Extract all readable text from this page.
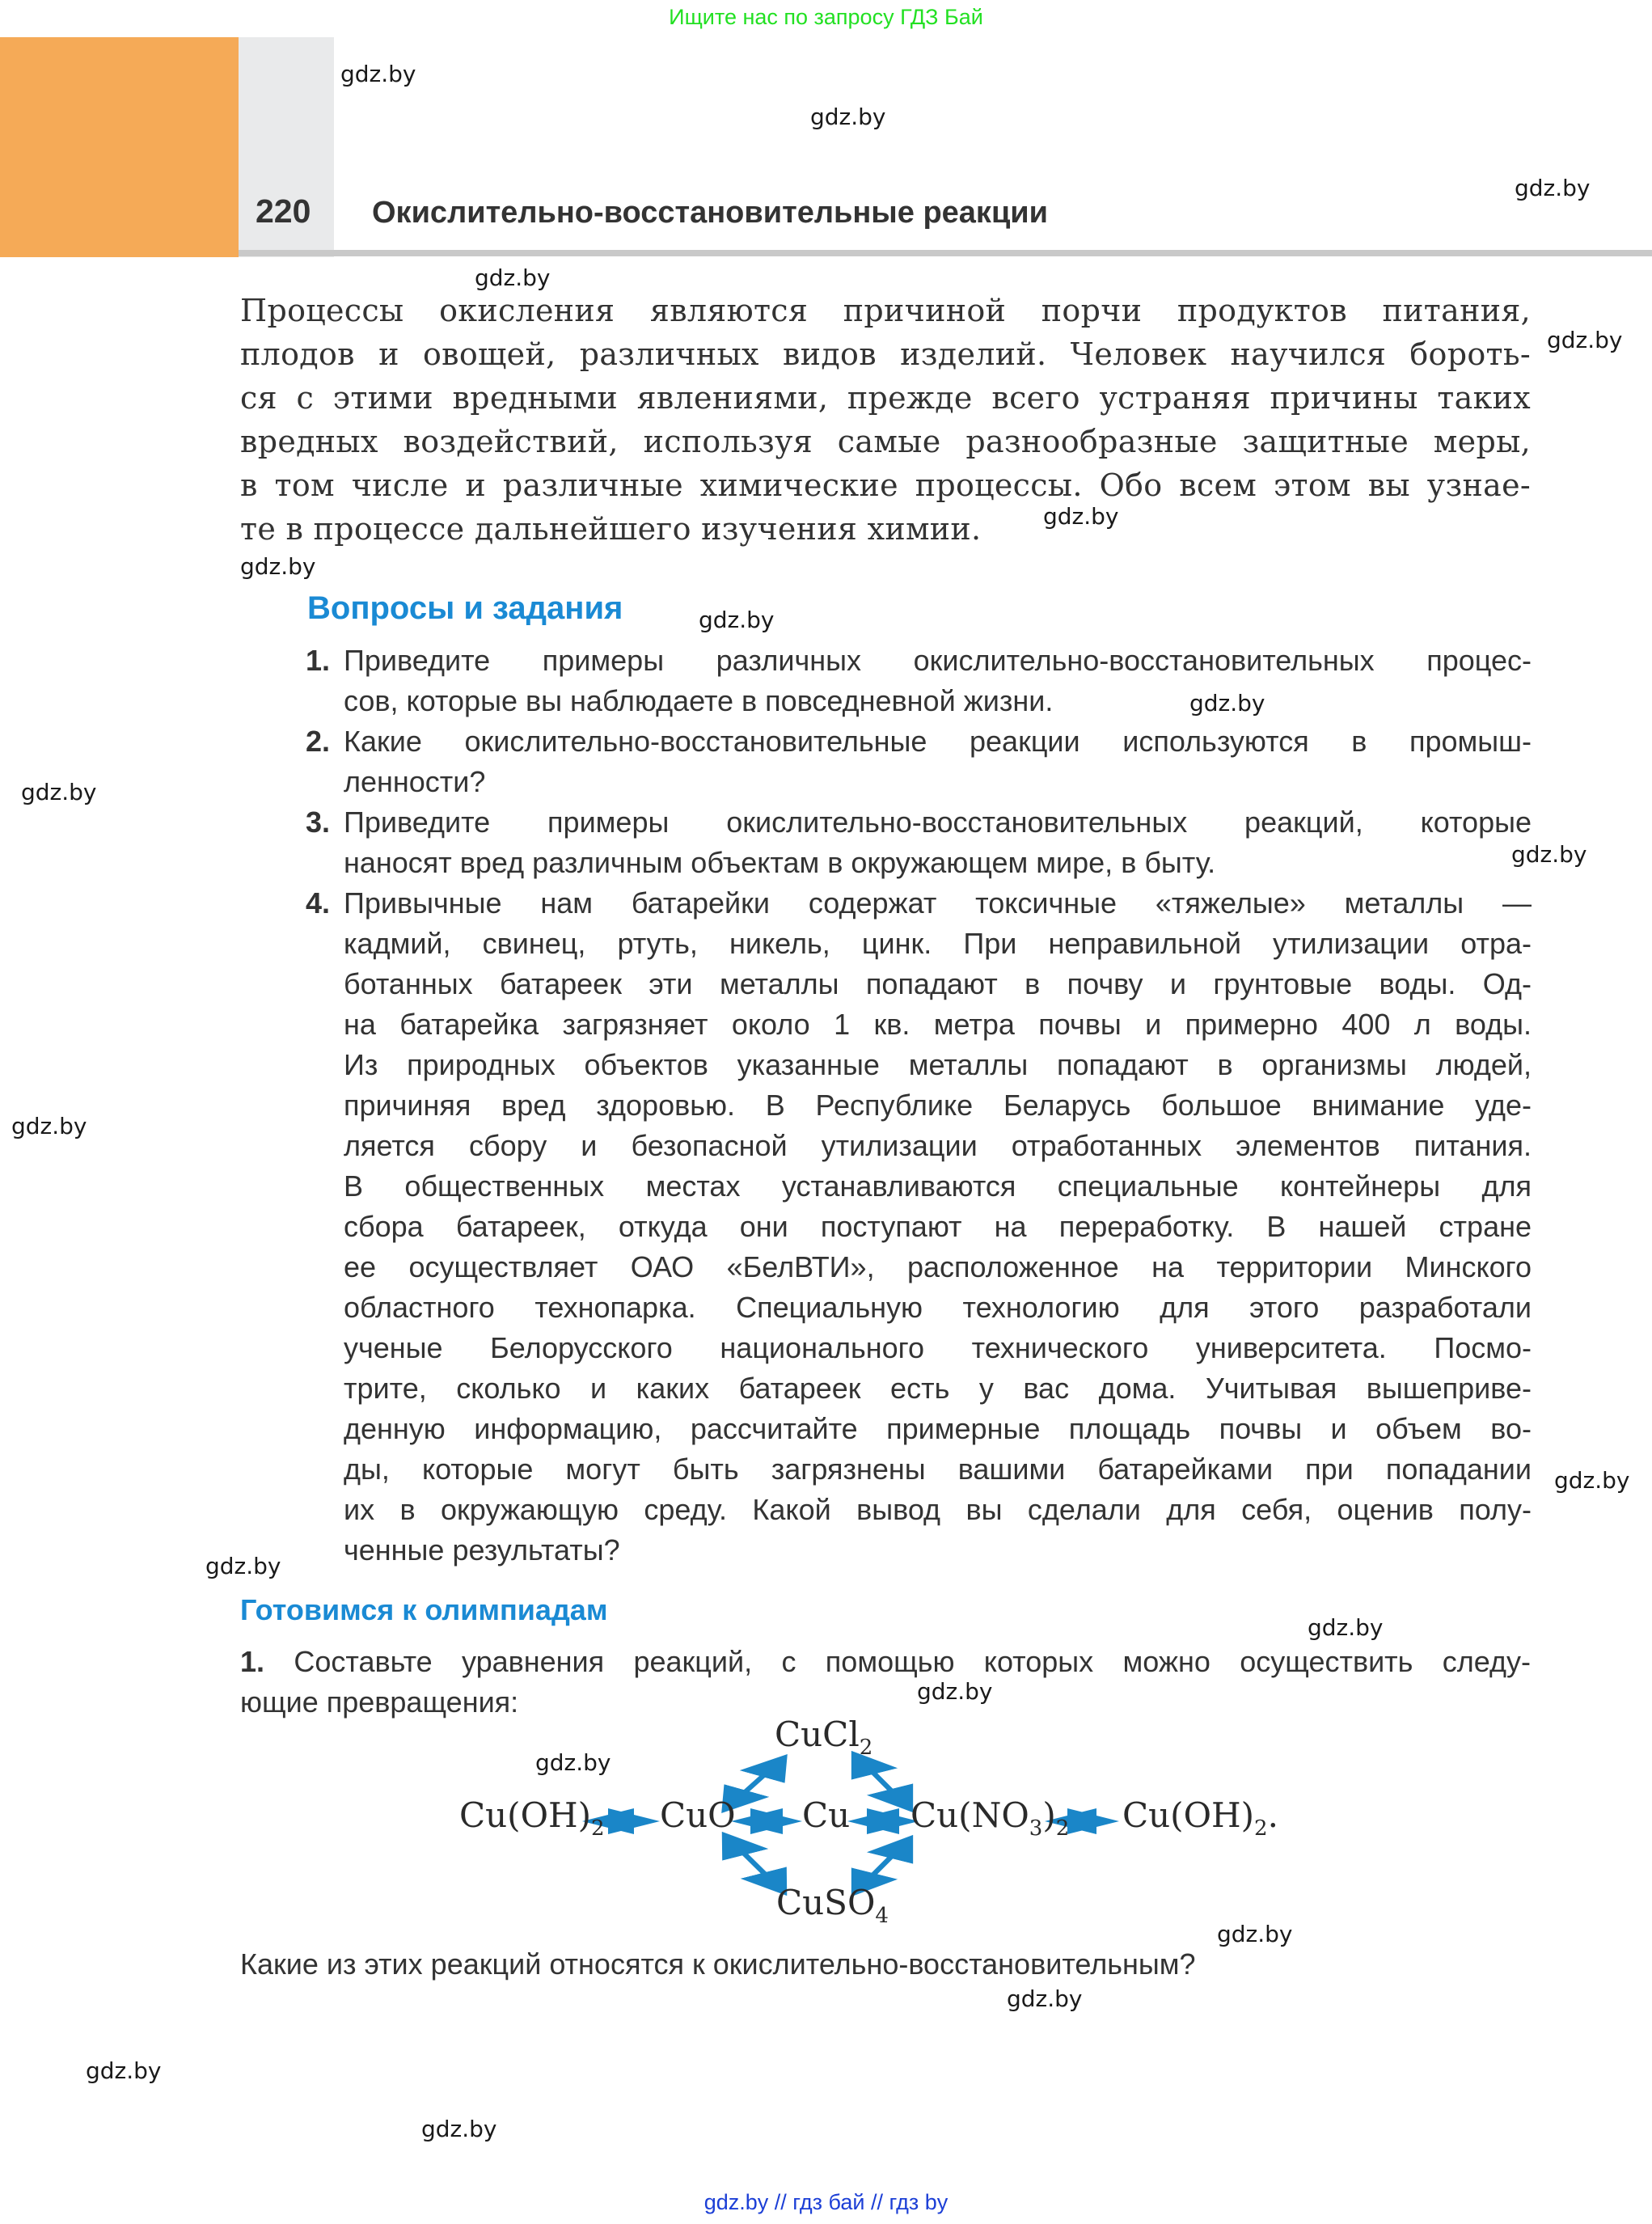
Ищите нас по запросу ГДЗ Бай
220 Окислительно-восстановительные реакции
Процессы окисления являются причиной порчи продуктов питания,
плодов и овощей, различных видов изделий. Человек научился бороть-
ся с этими вредными явлениями, прежде всего устраняя причины таких
вредных воздействий, используя самые разнообразные защитные меры,
в том числе и различные химические процессы. Обо всем этом вы узнае-
те в процессе дальнейшего изучения химии.
Вопросы и задания
1. Приведите примеры различных окислительно-восстановительных процес-
сов, которые вы наблюдаете в повседневной жизни.
2. Какие окислительно-восстановительные реакции используются в промыш-
ленности?
3. Приведите примеры окислительно-восстановительных реакций, которые
наносят вред различным объектам в окружающем мире, в быту.
4. Привычные нам батарейки содержат токсичные «тяжелые» металлы —
кадмий, свинец, ртуть, никель, цинк. При неправильной утилизации отра-
ботанных батареек эти металлы попадают в почву и грунтовые воды. Од-
на батарейка загрязняет около 1 кв. метра почвы и примерно 400 л воды.
Из природных объектов указанные металлы попадают в организмы людей,
причиняя вред здоровью. В Республике Беларусь большое внимание уде-
ляется сбору и безопасной утилизации отработанных элементов питания.
В общественных местах устанавливаются специальные контейнеры для
сбора батареек, откуда они поступают на переработку. В нашей стране
ее осуществляет ОАО «БелВТИ», расположенное на территории Минского
областного технопарка. Специальную технологию для этого разработали
ученые Белорусского национального технического университета. Посмо-
трите, сколько и каких батареек есть у вас дома. Учитывая вышеприве-
денную информацию, рассчитайте примерные площадь почвы и объем во-
ды, которые могут быть загрязнены вашими батарейками при попадании
их в окружающую среду. Какой вывод вы сделали для себя, оценив полу-
ченные результаты?
Готовимся к олимпиадам
1. Составьте уравнения реакций, с помощью которых можно осуществить следу-
ющие превращения:
$Cu(OH)_2$ CuO Cu $Cu(NO_3)_2$ $Cu(OH)_2$.
CuCl$_2$
CuSO$_4$
Какие из этих реакций относятся к окислительно-восстановительным?
gdz.by
gdz.by
gdz.by
gdz.by
gdz.by
gdz.by
gdz.by
gdz.by
gdz.by
gdz.by
gdz.by
gdz.by
gdz.by
gdz.by
gdz.by
gdz.by
gdz.by
gdz.by
gdz.by
gdz.by
gdz.by
gdz.by // гдз бай // гдз by
